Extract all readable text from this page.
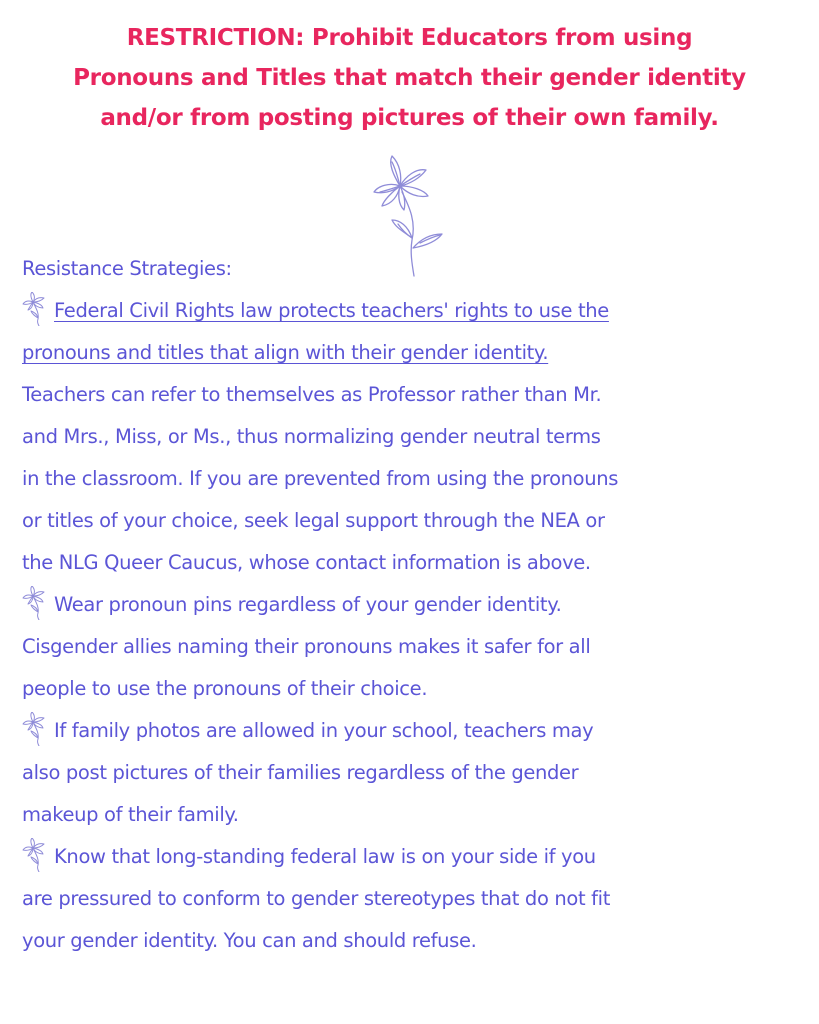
RESTRICTION: Prohibit Educators from using
Pronouns and Titles that match their gender identity
and/or from posting pictures of their own family.
Resistance Strategies:
Federal Civil Rights law protects teachers' rights to use the
pronouns and titles that align with their gender identity.
Teachers can refer to themselves as Professor rather than Mr.
and Mrs., Miss, or Ms., thus normalizing gender neutral terms
in the classroom. If you are prevented from using the pronouns
or titles of your choice, seek legal support through the NEA or
the NLG Queer Caucus, whose contact information is above.
Wear pronoun pins regardless of your gender identity.
Cisgender allies naming their pronouns makes it safer for all
people to use the pronouns of their choice.
If family photos are allowed in your school, teachers may
also post pictures of their families regardless of the gender
makeup of their family.
Know that long-standing federal law is on your side if you
are pressured to conform to gender stereotypes that do not fit
your gender identity. You can and should refuse.
